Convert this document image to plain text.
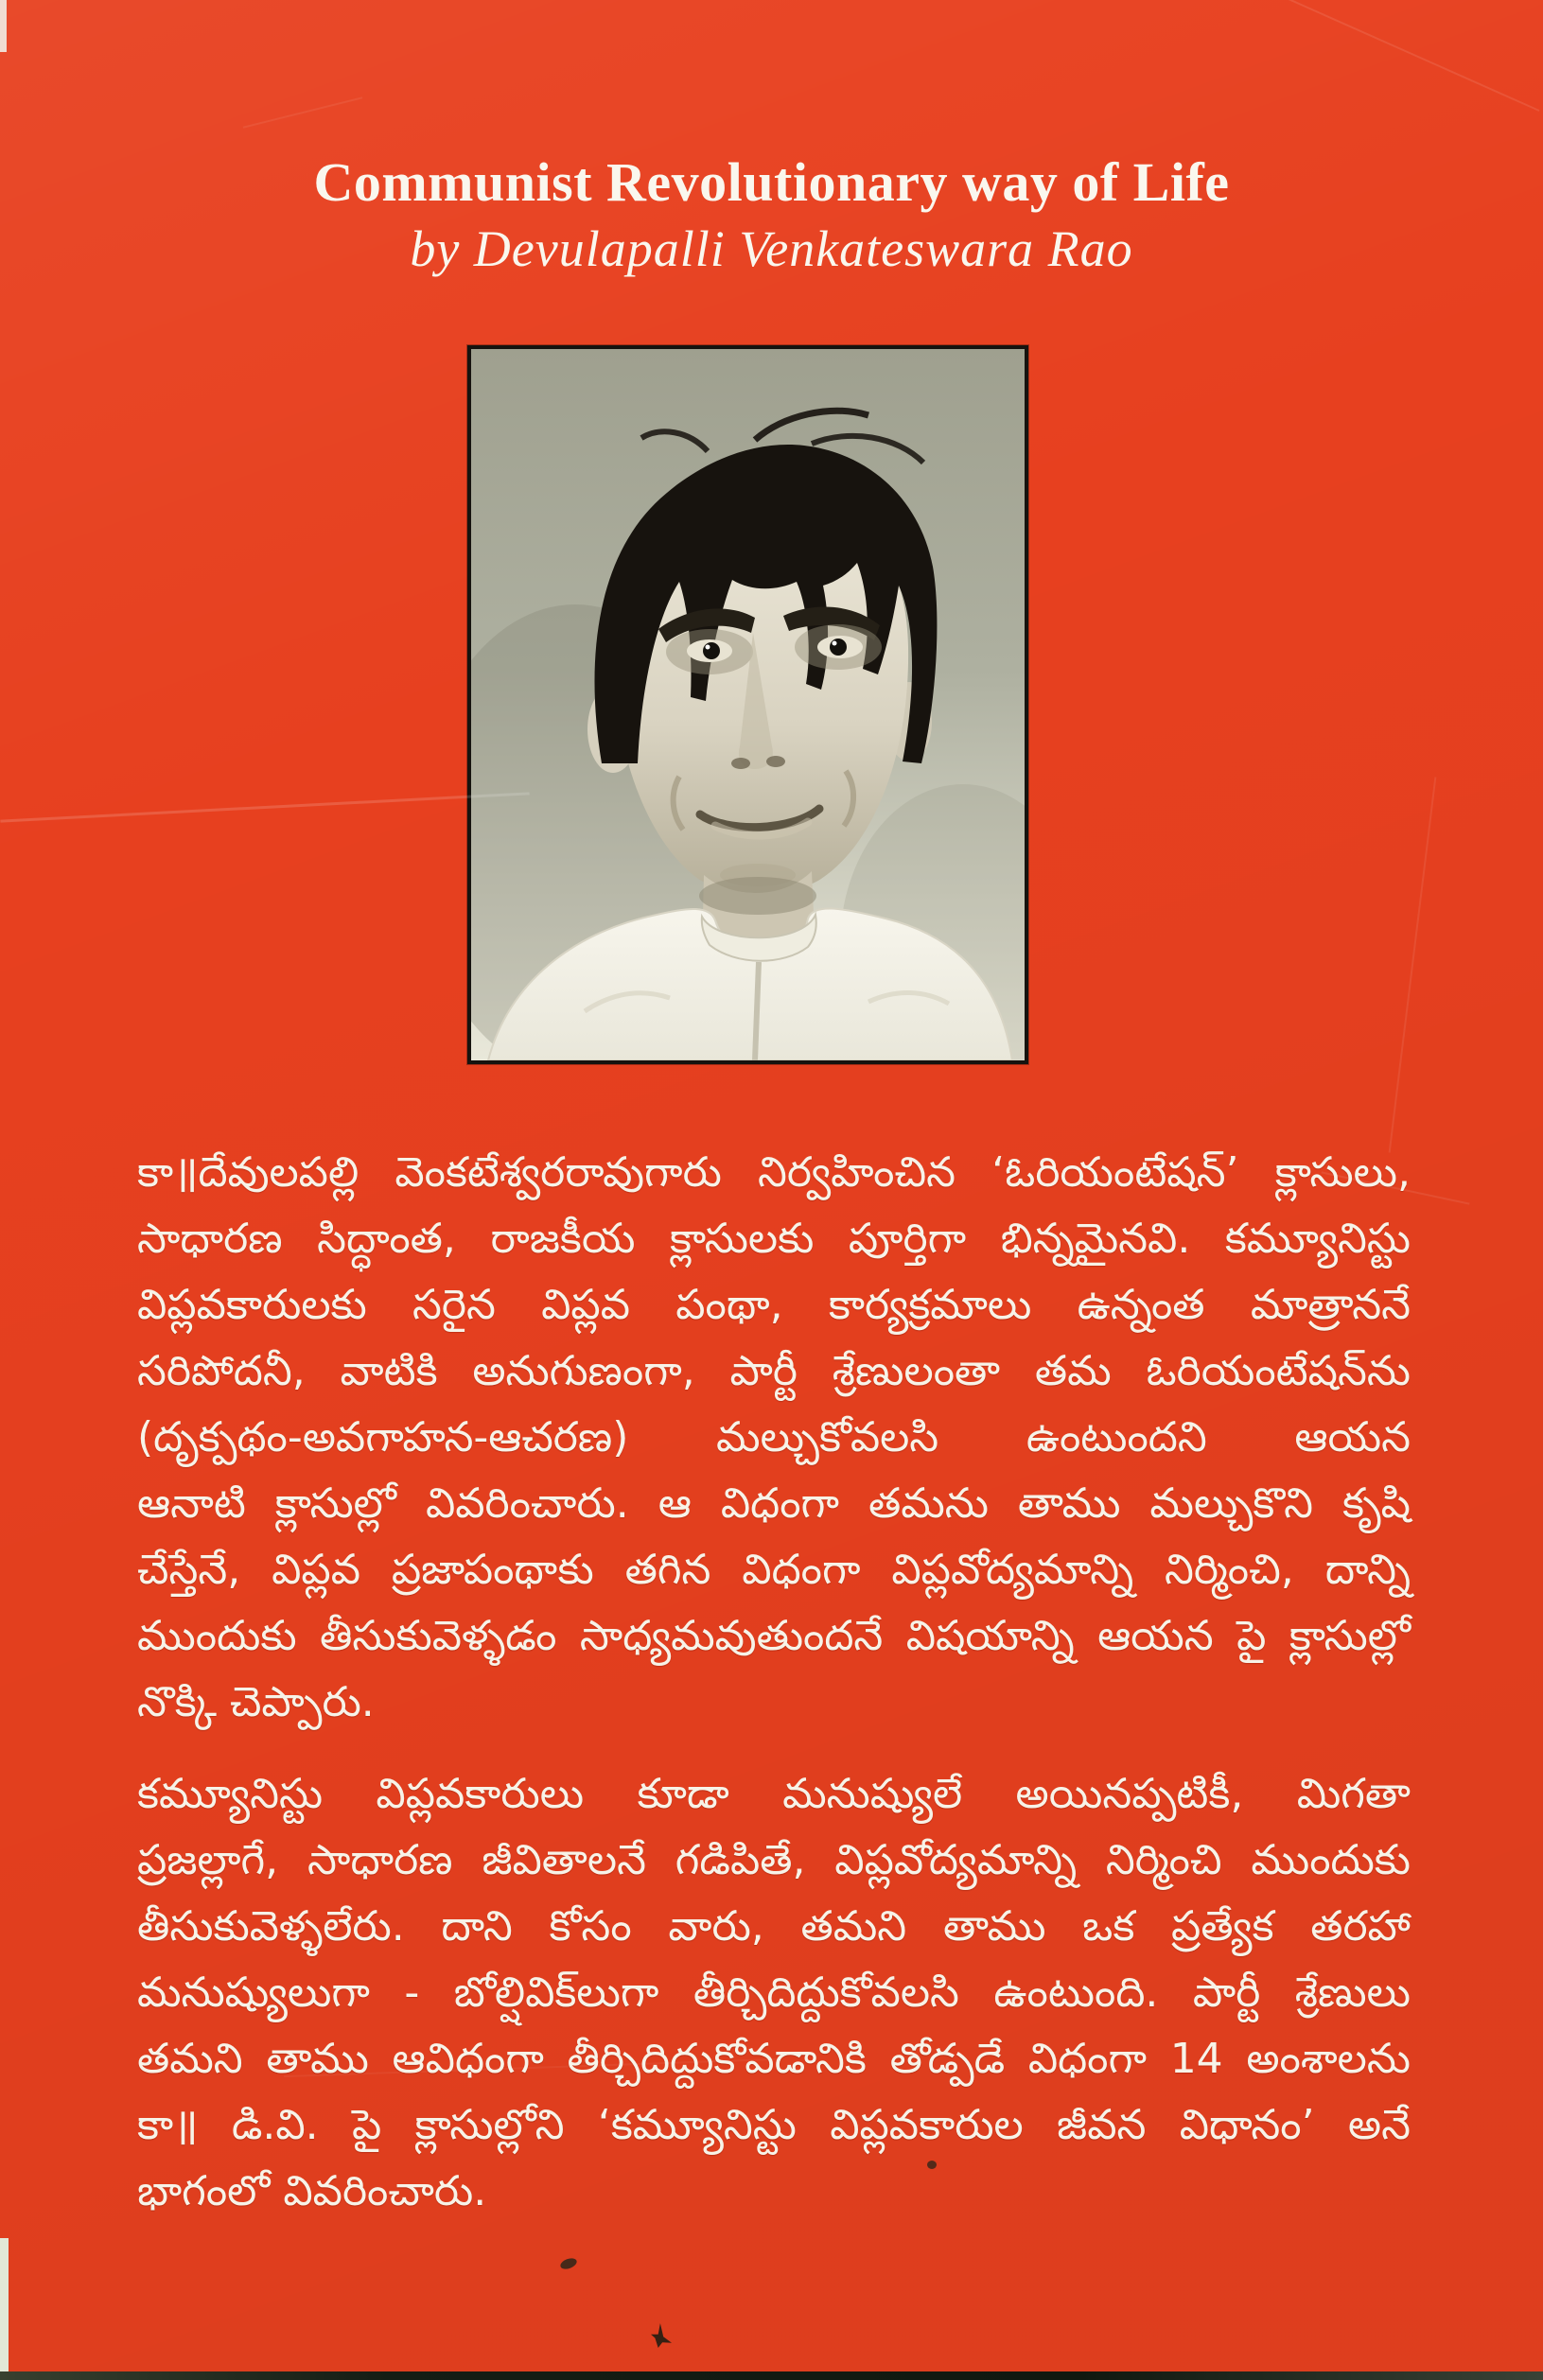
Communist Revolutionary way of Life
by Devulapalli Venkateswara Rao
కా॥దేవులపల్లి వెంకటేశ్వరరావుగారు నిర్వహించిన ‘ఓరియంటేషన్’ క్లాసులు,
సాధారణ సిద్ధాంత, రాజకీయ క్లాసులకు పూర్తిగా భిన్నమైనవి. కమ్యూనిస్టు
విప్లవకారులకు సరైన విప్లవ పంథా, కార్యక్రమాలు ఉన్నంత మాత్రాననే
సరిపోదనీ, వాటికి అనుగుణంగా, పార్టీ శ్రేణులంతా తమ ఓరియంటేషన్‌ను
(దృక్పథం-అవగాహన-ఆచరణ) మల్చుకోవలసి ఉంటుందని ఆయన
ఆనాటి క్లాసుల్లో వివరించారు. ఆ విధంగా తమను తాము మల్చుకొని కృషి
చేస్తేనే, విప్లవ ప్రజాపంథాకు తగిన విధంగా విప్లవోద్యమాన్ని నిర్మించి, దాన్ని
ముందుకు తీసుకువెళ్ళడం సాధ్యమవుతుందనే విషయాన్ని ఆయన పై క్లాసుల్లో
నొక్కి చెప్పారు.
కమ్యూనిస్టు విప్లవకారులు కూడా మనుష్యులే అయినప్పటికీ, మిగతా
ప్రజల్లాగే, సాధారణ జీవితాలనే గడిపితే, విప్లవోద్యమాన్ని నిర్మించి ముందుకు
తీసుకువెళ్ళలేరు. దాని కోసం వారు, తమని తాము ఒక ప్రత్యేక తరహా
మనుష్యులుగా - బోల్షివిక్‌లుగా తీర్చిదిద్దుకోవలసి ఉంటుంది. పార్టీ శ్రేణులు
తమని తాము ఆవిధంగా తీర్చిదిద్దుకోవడానికి తోడ్పడే విధంగా 14 అంశాలను
కా॥ డి.వి. పై క్లాసుల్లోని ‘కమ్యూనిస్టు విప్లవకారుల జీవన విధానం’ అనే
భాగంలో వివరించారు.
